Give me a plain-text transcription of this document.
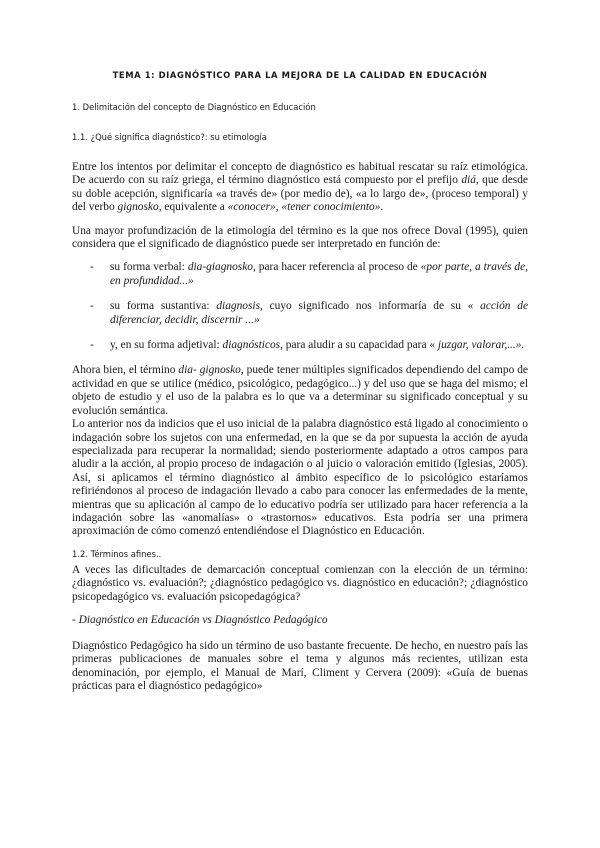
TEMA 1: DIAGNÓSTICO PARA LA MEJORA DE LA CALIDAD EN EDUCACIÓN
1. Delimitación del concepto de Diagnóstico en Educación
1.1. ¿Qué significa diagnóstico?: su etimología

Entre los intentos por delimitar el concepto de diagnóstico es habitual rescatar su raíz etimológica. De acuerdo con su raíz griega, el término diagnóstico está compuesto por el prefijo diá, que desde su doble acepción, significaría «a través de» (por medio de), «a lo largo de», (proceso temporal) y del verbo gignosko, equivalente a «conocer», «tener conocimiento».

Una mayor profundización de la etimología del término es la que nos ofrece Doval (1995), quien considera que el significado de diagnóstico puede ser interpretado en función de:

-	su forma verbal: dia-giagnosko, para hacer referencia al proceso de «por parte, a través de, en profundidad...»
-	su forma sustantiva: diagnosis, cuyo significado nos informaría de su « acción de diferenciar, decidir, discernir ...»
-	y, en su forma adjetival: diagnósticos, para aludir a su capacidad para « juzgar, valorar,...».

Ahora bien, el término dia- gignosko, puede tener múltiples significados dependiendo del campo de actividad en que se utilice (médico, psicológico, pedagógico...) y del uso que se haga del mismo; el objeto de estudio y el uso de la palabra es lo que va a determinar su significado conceptual y su evolución semántica.

Lo anterior nos da indicios que el uso inicial de la palabra diagnóstico está ligado al conocimiento o indagación sobre los sujetos con una enfermedad, en la que se da por supuesta la acción de ayuda especializada para recuperar la normalidad; siendo posteriormente adaptado a otros campos para aludir a la acción, al propio proceso de indagación o al juicio o valoración emitido (Iglesias, 2005). Así, si aplicamos el término diagnóstico al ámbito específico de lo psicológico estaríamos refiriéndonos al proceso de indagación llevado a cabo para conocer las enfermedades de la mente, mientras que su aplicación al campo de lo educativo podría ser utilizado para hacer referencia a la indagación sobre las «anomalías» o «trastornos» educativos. Esta podría ser una primera aproximación de cómo comenzó entendiéndose el Diagnóstico en Educación.

1.2. Términos afines..

A veces las dificultades de demarcación conceptual comienzan con la elección de un término: ¿diagnóstico vs. evaluación?; ¿diagnóstico pedagógico vs. diagnóstico en educación?; ¿diagnóstico psicopedagógico vs. evaluación psicopedagógica?

- Diagnóstico en Educación vs Diagnóstico Pedagógico

Diagnóstico Pedagógico ha sido un término de uso bastante frecuente. De hecho, en nuestro país las primeras publicaciones de manuales sobre el tema y algunos más recientes, utilizan esta denominación, por ejemplo, el Manual de Marí, Climent y Cervera (2009): «Guía de buenas prácticas para el diagnóstico pedagógico»
